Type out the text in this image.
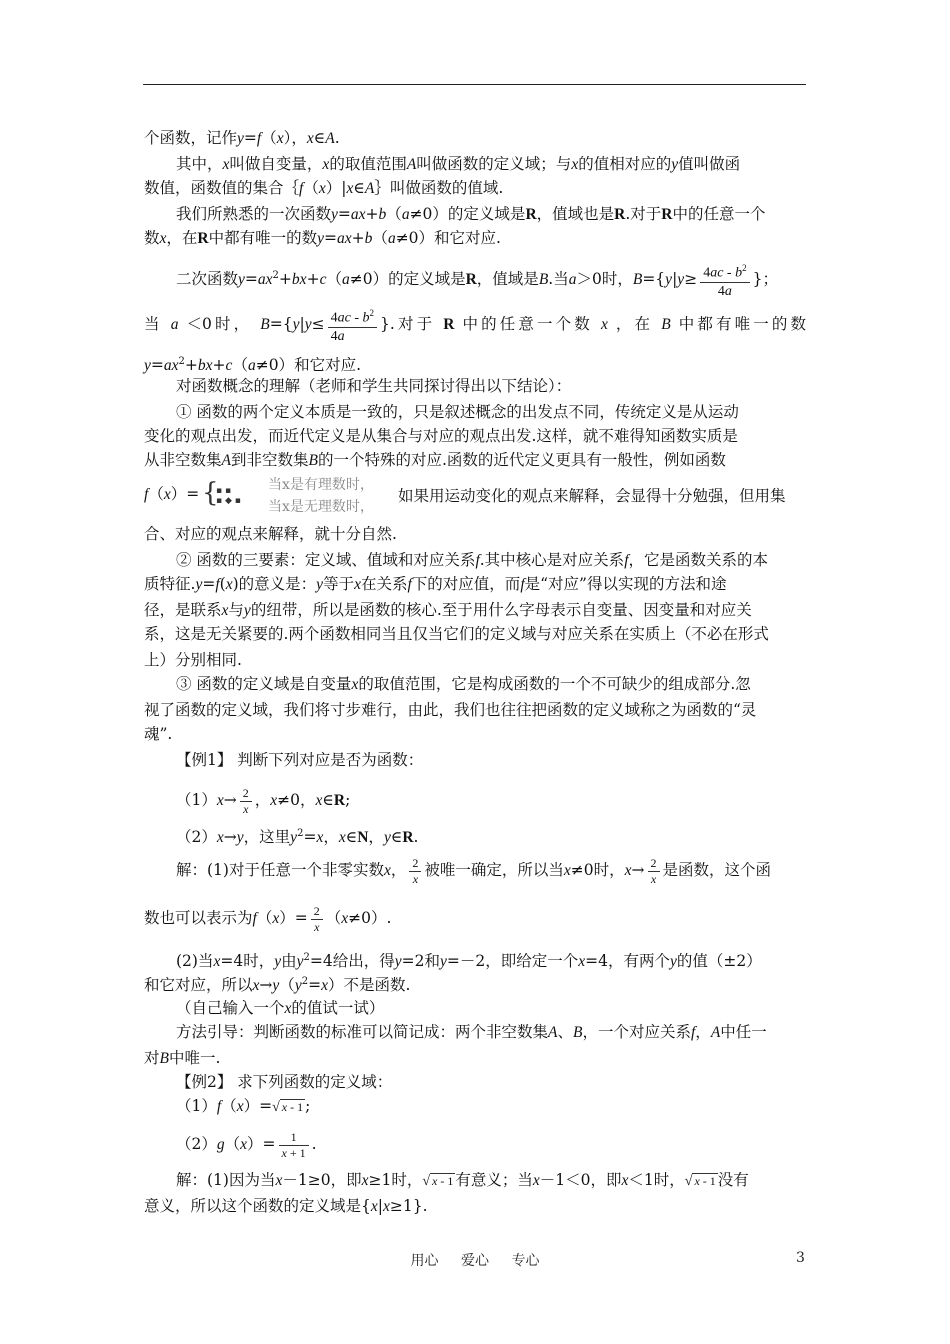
个函数，记作y=f（x），x∈A.
其中，x叫做自变量，x的取值范围A叫做函数的定义域；与x的值相对应的y值叫做函
数值，函数值的集合｛f（x）|x∈A｝叫做函数的值域.
我们所熟悉的一次函数y=ax+b（a≠0）的定义域是R，值域也是R.对于R中的任意一个
数x，在R中都有唯一的数y=ax+b（a≠0）和它对应.
二次函数$y=ax^2+bx+c(a\ne 0)$的定义域是R，值域是B.当a＞0时，$B=\{y|y\ge \frac{4ac - b^2}{4a}$ }；
当 a ＜0时， $B=\{y|y\le \frac{4ac - b^2}{4a}$ }.对于 R 中的任意一个数 x ，在 B 中都有唯一的数
$y=ax^2+bx+c(a\ne 0)$和它对应.
对函数概念的理解（老师和学生共同探讨得出以下结论）：
① 函数的两个定义本质是一致的，只是叙述概念的出发点不同，传统定义是从运动
变化的观点出发，而近代定义是从集合与对应的观点出发.这样，就不难得知函数实质是
从非空数集A到非空数集B的一个特殊的对应.函数的近代定义更具有一般性，例如函数
f（x）= {
▪ ▪
▪ ◆ ▪
当x是有理数时，
当x是无理数时，
如果用运动变化的观点来解释，会显得十分勉强，但用集
合、对应的观点来解释，就十分自然.
② 函数的三要素：定义域、值域和对应关系f.其中核心是对应关系f，它是函数关系的本
质特征.y=f(x)的意义是：y等于x在关系f下的对应值，而f是“对应”得以实现的方法和途
径，是联系x与y的纽带，所以是函数的核心.至于用什么字母表示自变量、因变量和对应关
系，这是无关紧要的.两个函数相同当且仅当它们的定义域与对应关系在实质上（不必在形式
上）分别相同.
③ 函数的定义域是自变量x的取值范围，它是构成函数的一个不可缺少的组成部分.忽
视了函数的定义域，我们将寸步难行，由此，我们也往往把函数的定义域称之为函数的“灵
魂”.
【例1】 判断下列对应是否为函数：
$(1)x\to \frac{2}{x}$ ，x≠0，x∈R;
（2）x→y，这里$y^2=x$，x∈N，y∈R.
解：(1)对于任意一个非零实数x， $\frac{2}{x}$ 被唯一确定，所以当x≠0时，$x\to \frac{2}{x}$ 是函数，这个函
数也可以表示为$f(x)= \frac{2}{x} (x\ne 0)$.
(2)当x=4时，y由$y^2=4$给出，得y=2和y=－2，即给定一个x=4，有两个y的值（±2）
和它对应，所以$x\to y(y^2=x)$不是函数.
（自己输入一个x的值试一试）
方法引导：判断函数的标准可以简记成：两个非空数集A、B，一个对应关系f，A中任一
对B中唯一.
【例2】 求下列函数的定义域：
（1）f（x）=√ x - 1 ;
$(2)g(x)= \frac{1}{x + 1}$ .
解：(1)因为当x－1≥0，即x≥1时，√ x - 1 有意义；当x－1＜0，即x＜1时，√ x - 1 没有
意义，所以这个函数的定义域是{x|x≥1}.
用心 爱心 专心	3
